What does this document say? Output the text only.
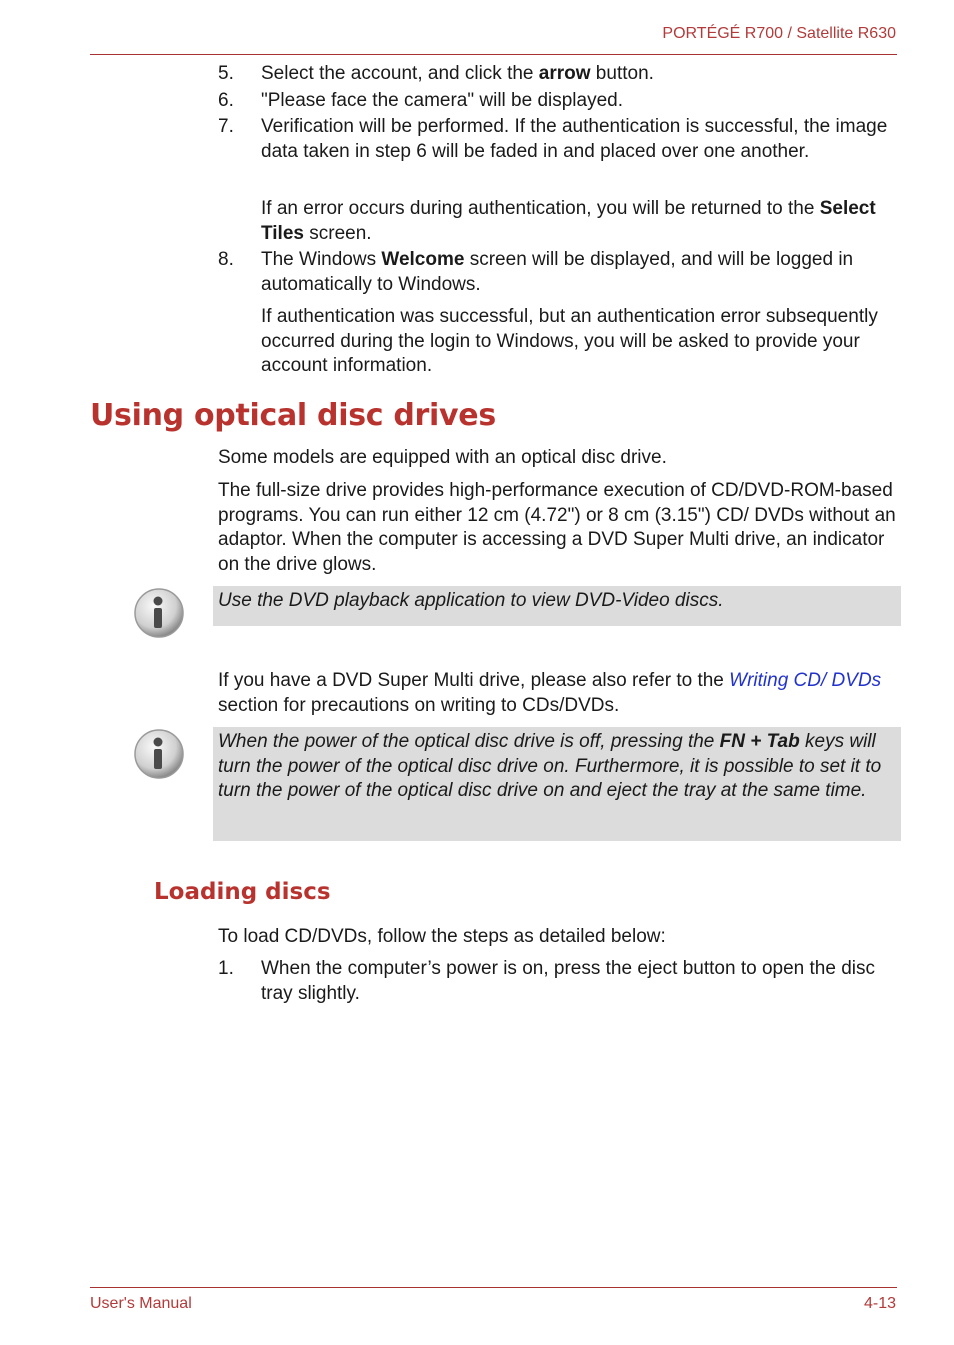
PORTÉGÉ R700 / Satellite R630
5. Select the account, and click the arrow button.

6. "Please face the camera" will be displayed.

7. Verification will be performed. If the authentication is successful, the image data taken in step 6 will be faded in and placed over one another.

If an error occurs during authentication, you will be returned to the Select Tiles screen.

8. The Windows Welcome screen will be displayed, and will be logged in automatically to Windows.

If authentication was successful, but an authentication error subsequently occurred during the login to Windows, you will be asked to provide your account information.

Using optical disc drives

Some models are equipped with an optical disc drive.

The full-size drive provides high-performance execution of CD/DVD-ROM-based programs. You can run either 12 cm (4.72") or 8 cm (3.15") CD/ DVDs without an adaptor. When the computer is accessing a DVD Super Multi drive, an indicator on the drive glows.

Use the DVD playback application to view DVD-Video discs.

If you have a DVD Super Multi drive, please also refer to the Writing CD/ DVDs section for precautions on writing to CDs/DVDs.

When the power of the optical disc drive is off, pressing the FN + Tab keys will turn the power of the optical disc drive on. Furthermore, it is possible to set it to turn the power of the optical disc drive on and eject the tray at the same time.

Loading discs

To load CD/DVDs, follow the steps as detailed below:

1. When the computer’s power is on, press the eject button to open the disc tray slightly.

User's Manual	4-13
